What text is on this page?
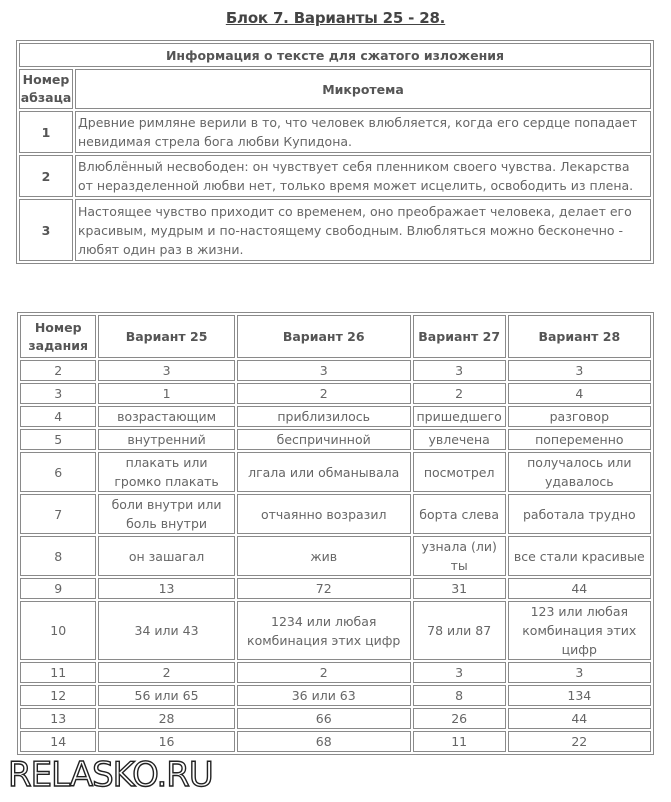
Блок 7. Варианты 25 - 28.
Информация о тексте для сжатого изложения	
Номер абзаца	Микротема
1	Древние римляне верили в то, что человек влюбляется, когда его сердце попадает невидимая стрела бога любви Купидона.
2	Влюблённый несвободен: он чувствует себя пленником своего чувства. Лекарства от неразделенной любви нет, только время может исцелить, освободить из плена.
3	Настоящее чувство приходит со временем, оно преображает человека, делает его красивым, мудрым и по-настоящему свободным. Влюбляться можно бесконечно - любят один раз в жизни.
Номер задания	Вариант 25	Вариант 26	Вариант 27	Вариант 28
2	3	3	3	3
3	1	2	2	4
4	возрастающим	приблизилось	пришедшего	разговор
5	внутренний	беспричинной	увлечена	попеременно
6	плакать или громко плакать	лгала или обманывала	посмотрел	получалось или удавалось
7	боли внутри или боль внутри	отчаянно возразил	борта слева	работала трудно
8	он зашагал	жив	узнала (ли) ты	все стали красивые
9	13	72	31	44
10	34 или 43	1234 или любая комбинация этих цифр	78 или 87	123 или любая комбинация этих цифр
11	2	2	3	3
12	56 или 65	36 или 63	8	134
13	28	66	26	44
14	16	68	11	22
RELASKO.RU
